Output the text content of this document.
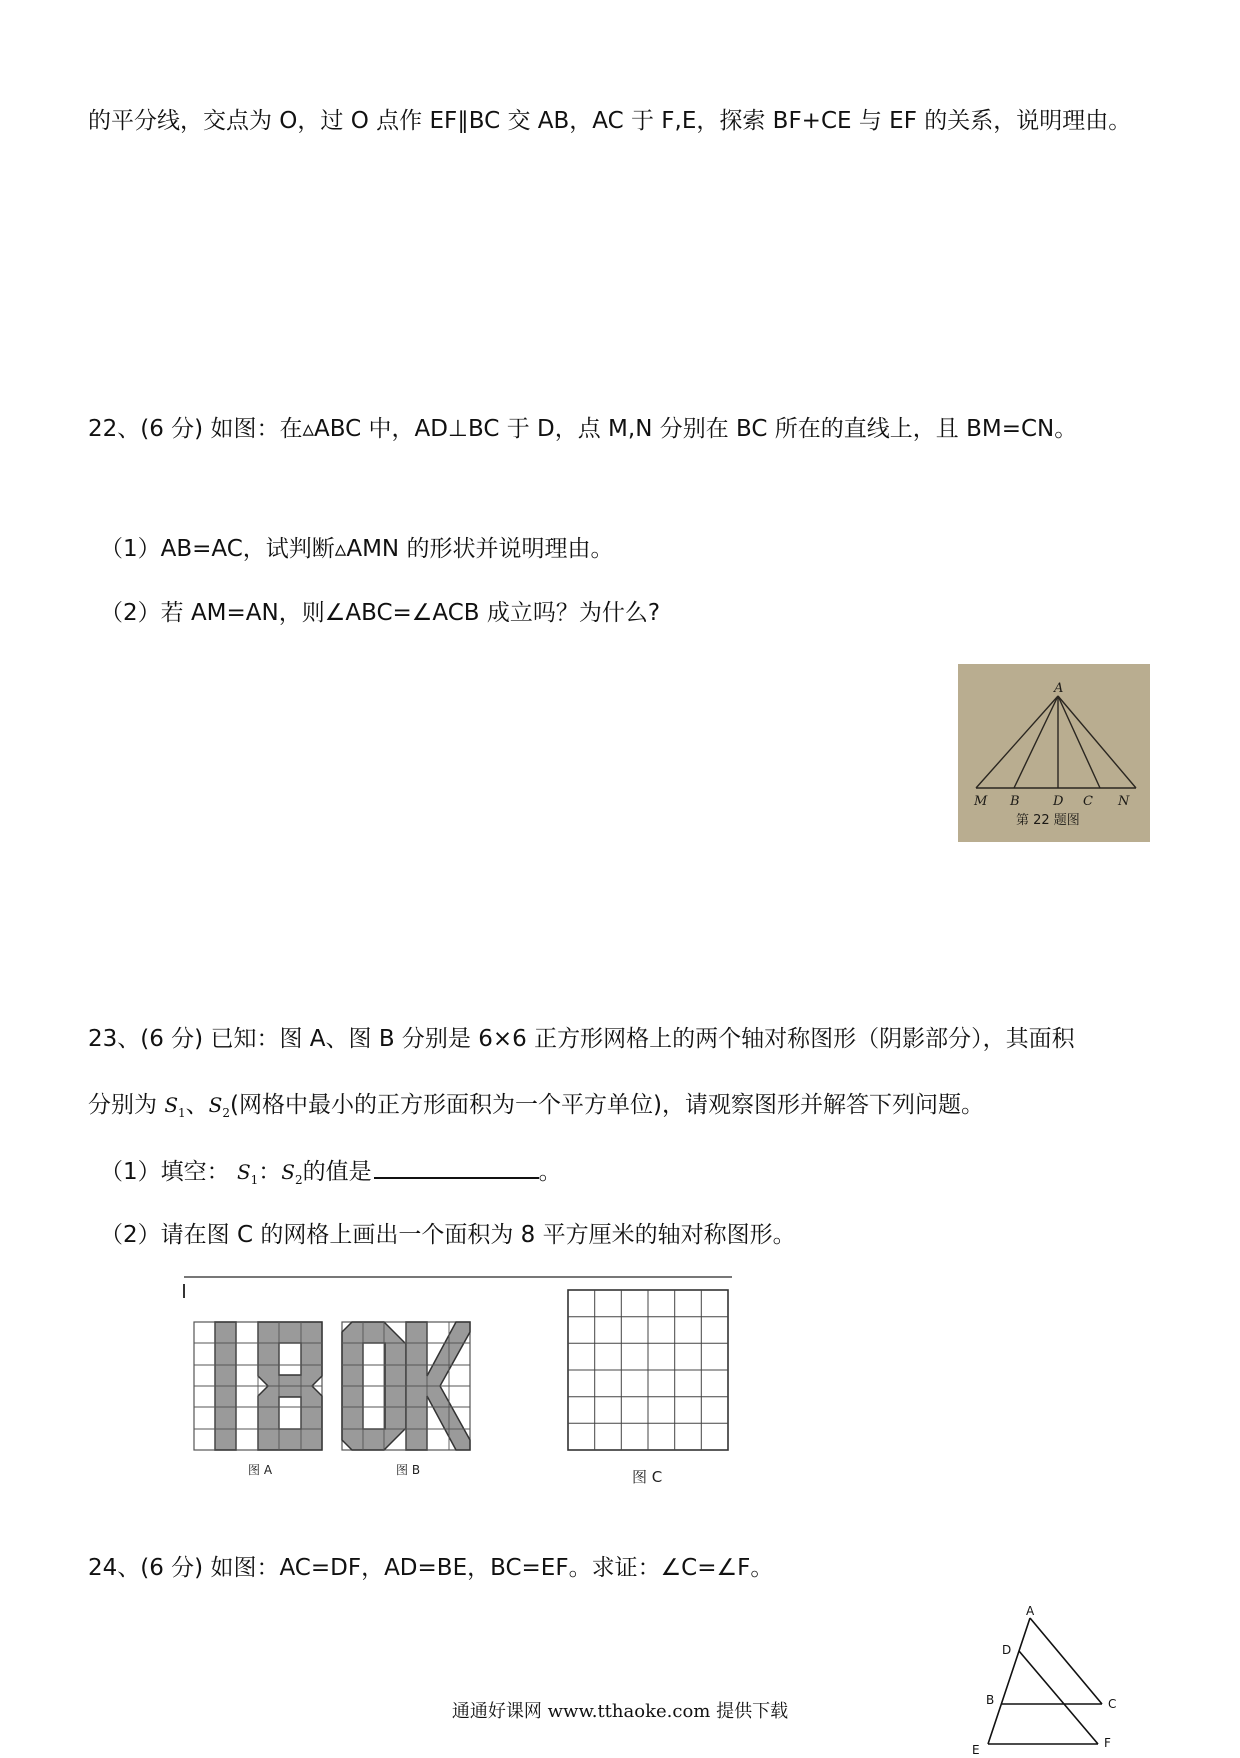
的平分线，交点为 O，过 O 点作 EF∥BC 交 AB，AC 于 F,E，探索 BF+CE 与 EF 的关系，说明理由。
22、(6 分) 如图：在▵ABC 中，AD⊥BC 于 D，点 M,N 分别在 BC 所在的直线上，且 BM=CN。
（1）AB=AC，试判断▵AMN 的形状并说明理由。
（2）若 AM=AN，则∠ABC=∠ACB 成立吗？为什么?
A
M B	D C N
第 22 题图
23、(6 分) 已知：图 A、图 B 分别是 6×6 正方形网格上的两个轴对称图形（阴影部分），其面积
分别为 $S_1$、$S_2$(网格中最小的正方形面积为一个平方单位)，请观察图形并解答下列问题。
（1）填空： $S_1$：$S_2$的值是	。
（2）请在图 C 的网格上画出一个面积为 8 平方厘米的轴对称图形。
图 A	图 B	图 C
24、(6 分) 如图：AC=DF，AD=BE，BC=EF。求证：∠C=∠F。
A
D
B	C
E	F
通通好课网 www.tthaoke.com 提供下载
